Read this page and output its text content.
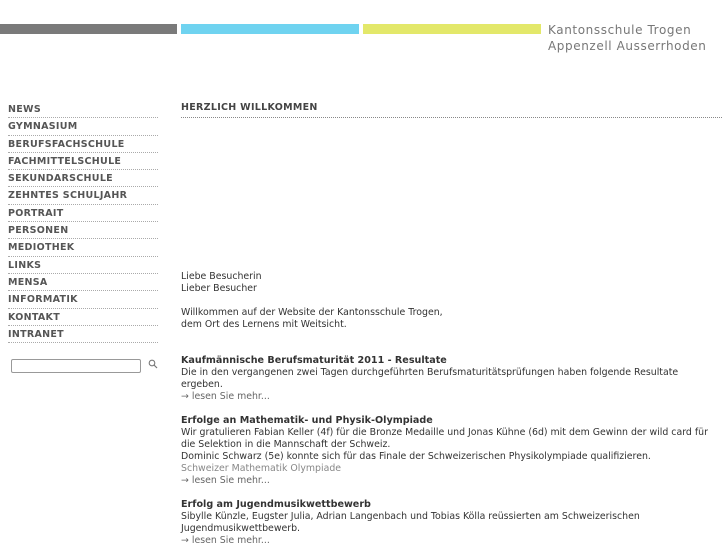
Kantonsschule Trogen
Appenzell Ausserrhoden
NEWS
GYMNASIUM
BERUFSFACHSCHULE
FACHMITTELSCHULE
SEKUNDARSCHULE
ZEHNTES SCHULJAHR
PORTRAIT
PERSONEN
MEDIOTHEK
LINKS
MENSA
INFORMATIK
KONTAKT
INTRANET
HERZLICH WILLKOMMEN

Liebe Besucherin

Lieber Besucher

Willkommen auf der Website der Kantonsschule Trogen,

dem Ort des Lernens mit Weitsicht.

Kaufmännische Berufsmaturität 2011 - Resultate

Die in den vergangenen zwei Tagen durchgeführten Berufsmaturitätsprüfungen haben folgende Resultate ergeben.

→ lesen Sie mehr...
Erfolge an Mathematik- und Physik-Olympiade

Wir gratulieren Fabian Keller (4f) für die Bronze Medaille und Jonas Kühne (6d) mit dem Gewinn der wild card für die Selektion in die Mannschaft der Schweiz.

Dominic Schwarz (5e) konnte sich für das Finale der Schweizerischen Physikolympiade qualifizieren.

Schweizer Mathematik Olympiade
→ lesen Sie mehr...
Erfolg am Jugendmusikwettbewerb

Sibylle Künzle, Eugster Julia, Adrian Langenbach und Tobias Kölla reüssierten am Schweizerischen Jugendmusikwettbewerb.

→ lesen Sie mehr...
